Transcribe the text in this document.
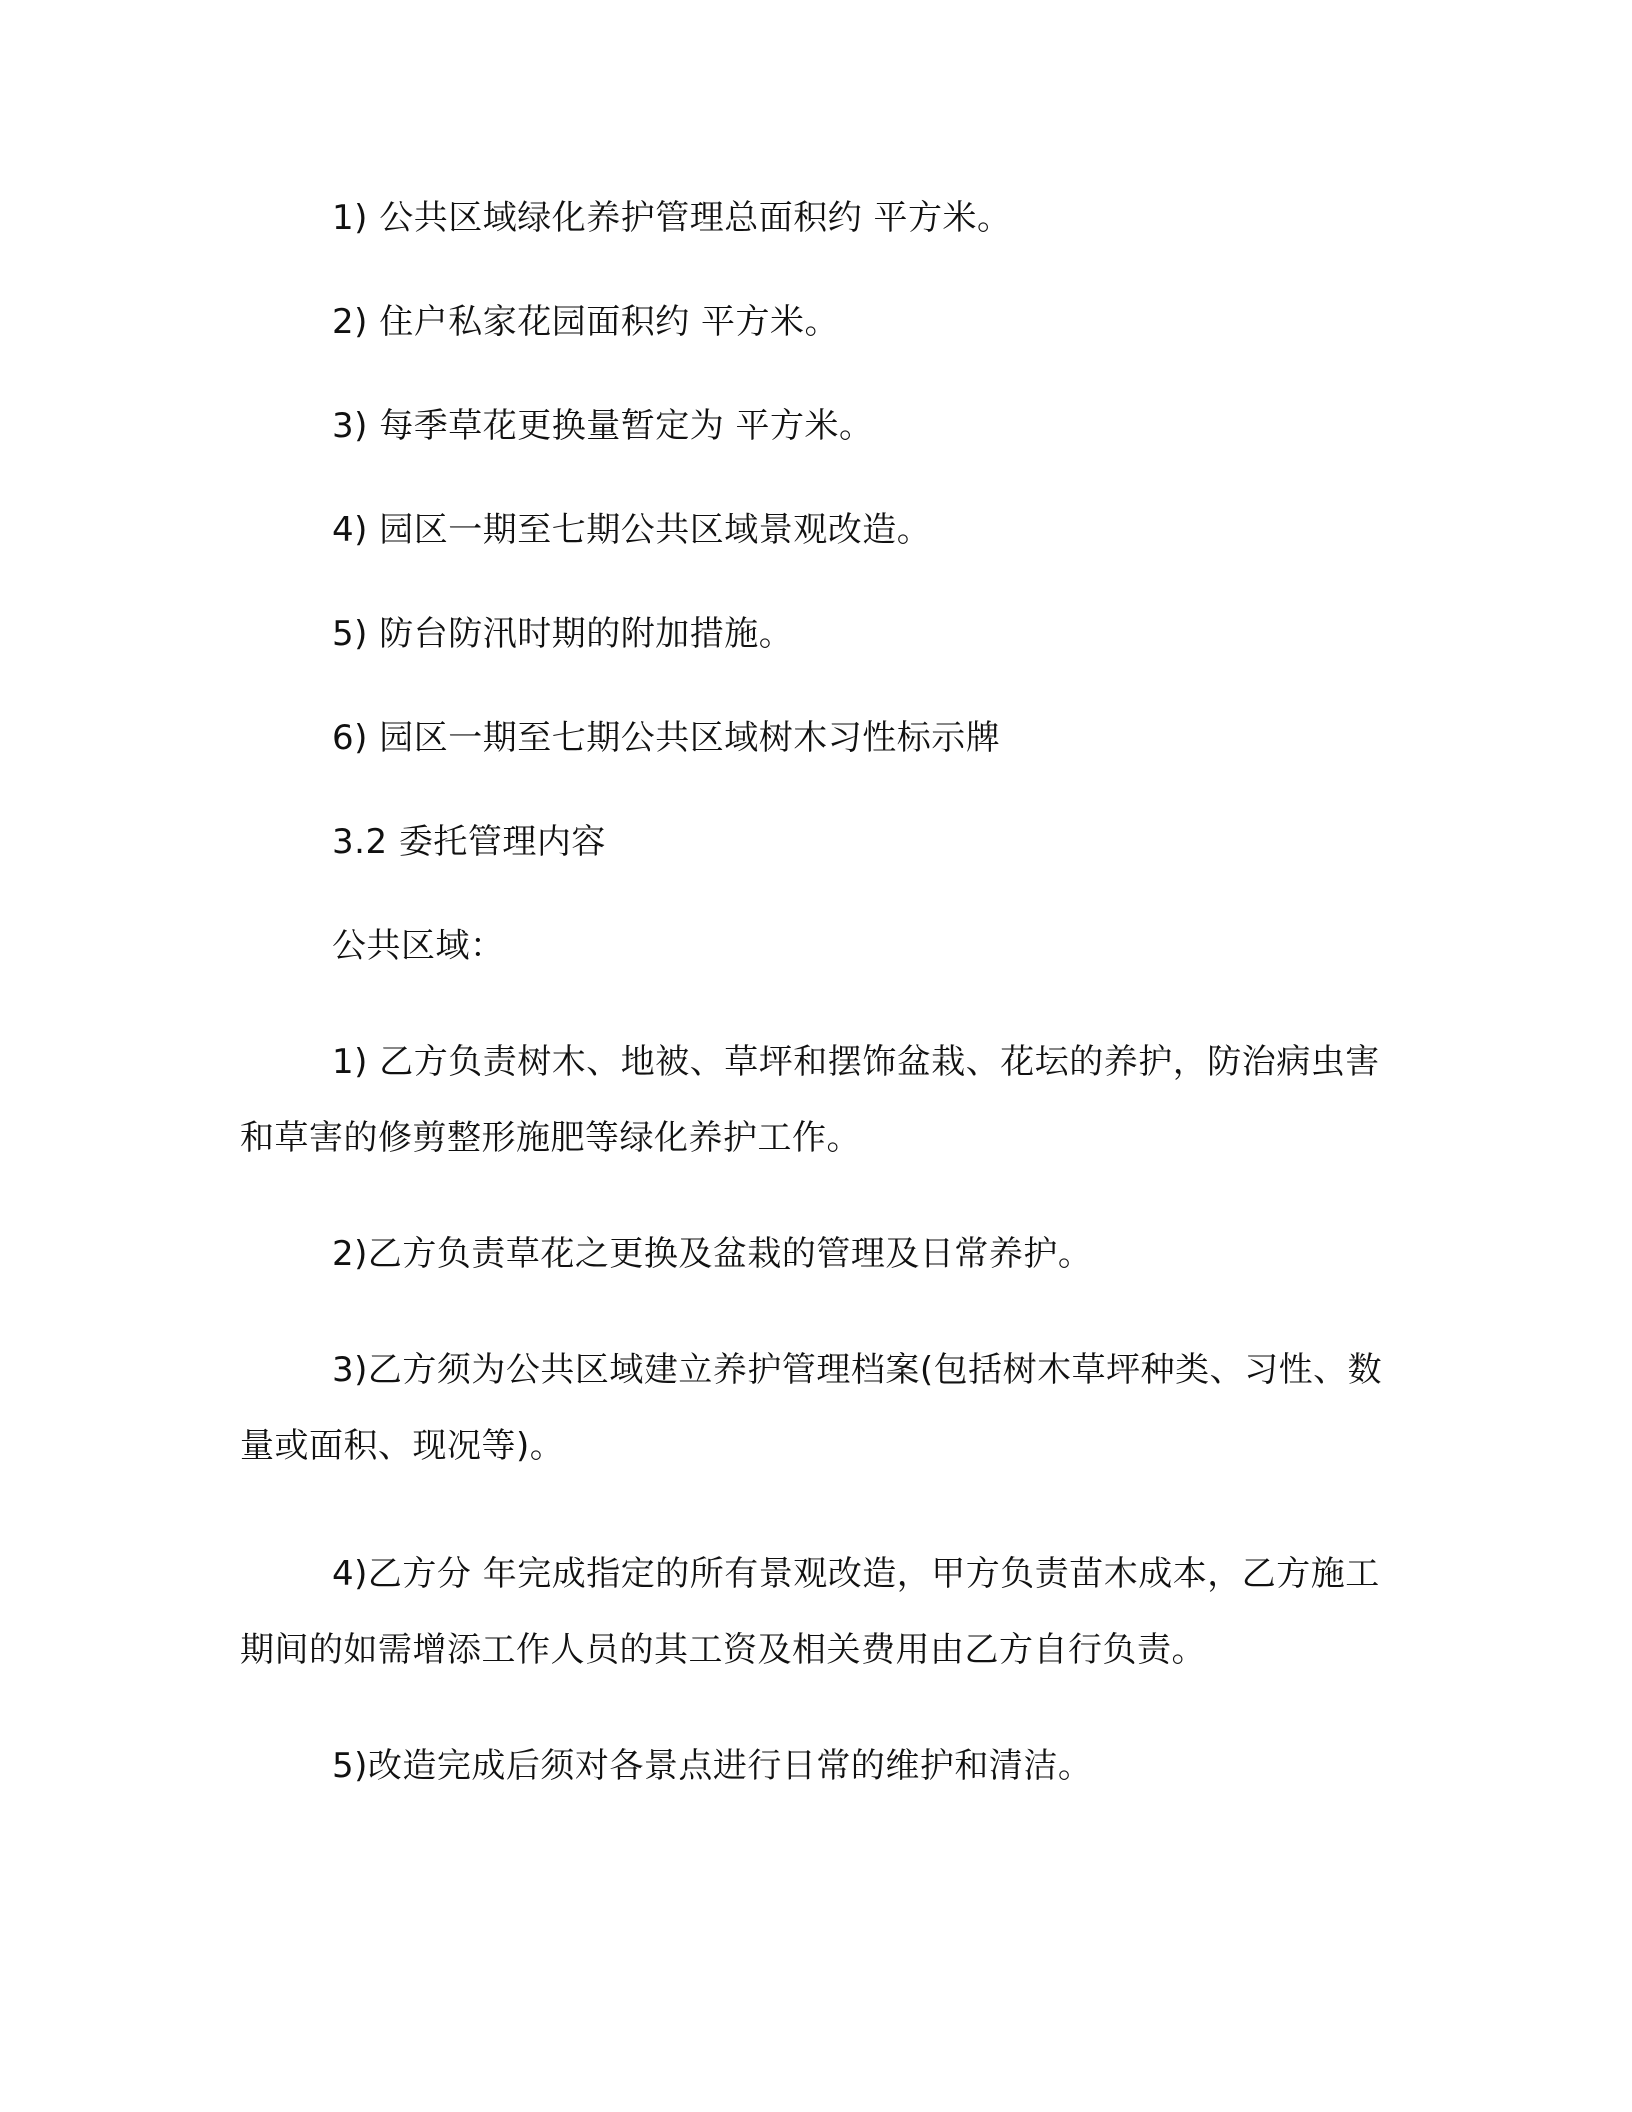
1) 公共区域绿化养护管理总面积约 平方米。

2) 住户私家花园面积约 平方米。

3) 每季草花更换量暂定为 平方米。

4) 园区一期至七期公共区域景观改造。

5) 防台防汛时期的附加措施。

6) 园区一期至七期公共区域树木习性标示牌

3.2 委托管理内容

公共区域：

1) 乙方负责树木、地被、草坪和摆饰盆栽、花坛的养护，防治病虫害和草害的修剪整形施肥等绿化养护工作。

2)乙方负责草花之更换及盆栽的管理及日常养护。

3)乙方须为公共区域建立养护管理档案(包括树木草坪种类、习性、数量或面积、现况等)。

4)乙方分 年完成指定的所有景观改造，甲方负责苗木成本，乙方施工期间的如需增添工作人员的其工资及相关费用由乙方自行负责。

5)改造完成后须对各景点进行日常的维护和清洁。
